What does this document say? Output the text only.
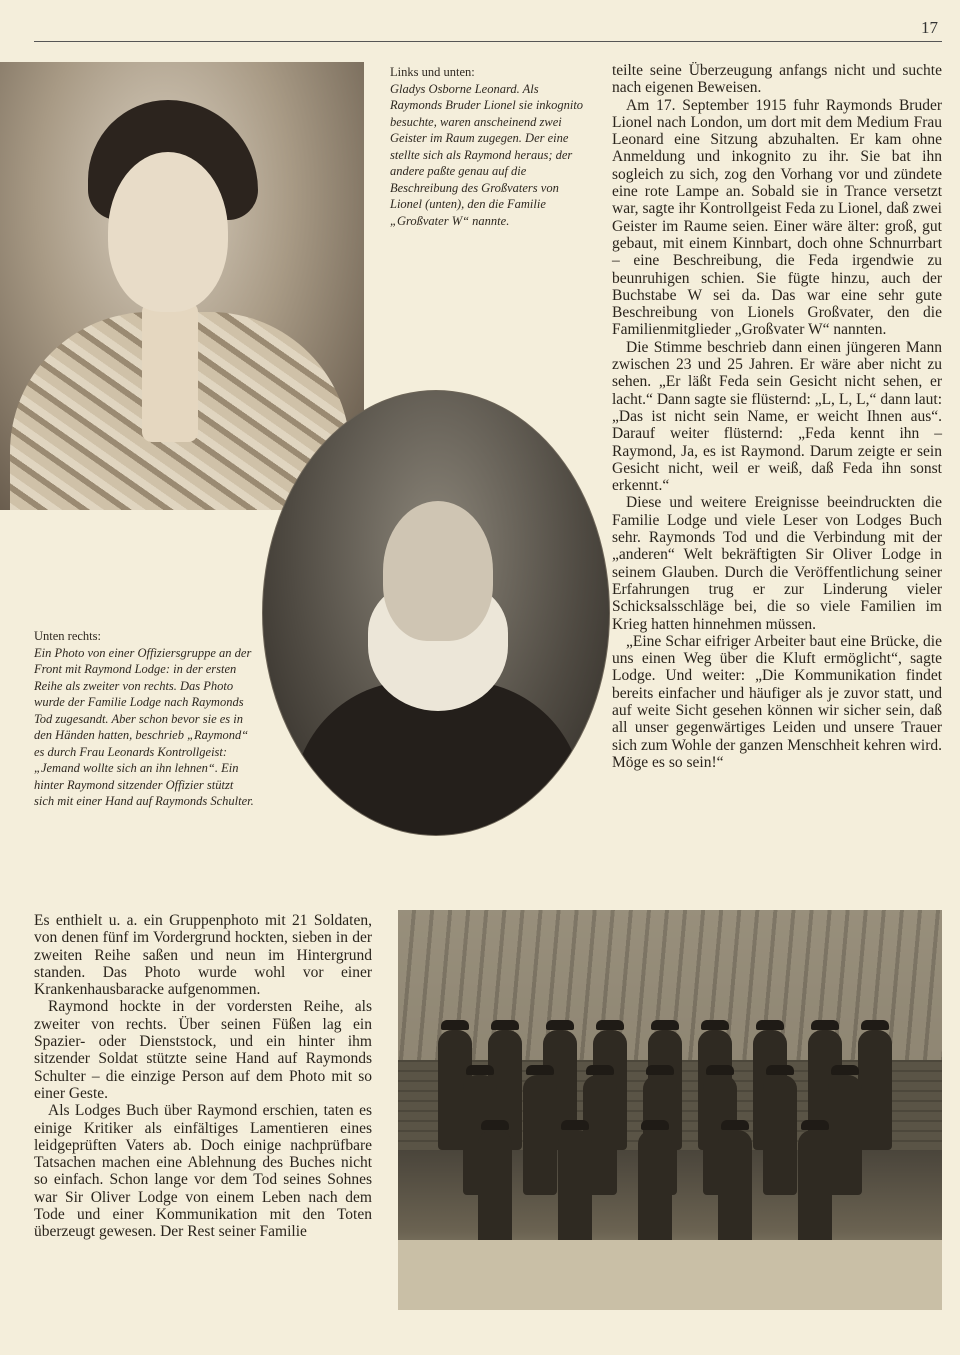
17
Links und unten:
Gladys Osborne Leonard. Als Raymonds Bruder Lionel sie inkognito besuchte, waren anscheinend zwei Geister im Raum zugegen. Der eine stellte sich als Raymond heraus; der andere paßte genau auf die Beschreibung des Großvaters von Lionel (unten), den die Familie „Großvater W“ nannte.
Unten rechts:
Ein Photo von einer Offiziersgruppe an der Front mit Raymond Lodge: in der ersten Reihe als zweiter von rechts. Das Photo wurde der Familie Lodge nach Raymonds Tod zugesandt. Aber schon bevor sie es in den Händen hatten, beschrieb „Raymond“ es durch Frau Leonards Kontrollgeist: „Jemand wollte sich an ihn lehnen“. Ein hinter Raymond sitzender Offizier stützt sich mit einer Hand auf Raymonds Schulter.

teilte seine Überzeugung anfangs nicht und suchte nach eigenen Beweisen.

Am 17. September 1915 fuhr Raymonds Bruder Lionel nach London, um dort mit dem Medium Frau Leonard eine Sitzung abzuhalten. Er kam ohne Anmeldung und inkognito zu ihr. Sie bat ihn sogleich zu sich, zog den Vorhang vor und zündete eine rote Lampe an. Sobald sie in Trance versetzt war, sagte ihr Kontrollgeist Feda zu Lionel, daß zwei Geister im Raume seien. Einer wäre älter: groß, gut gebaut, mit einem Kinnbart, doch ohne Schnurrbart – eine Beschreibung, die Feda irgendwie zu beunruhigen schien. Sie fügte hinzu, auch der Buchstabe W sei da. Das war eine sehr gute Beschreibung von Lionels Großvater, den die Familienmitglieder „Großvater W“ nannten.

Die Stimme beschrieb dann einen jüngeren Mann zwischen 23 und 25 Jahren. Er wäre aber nicht zu sehen. „Er läßt Feda sein Gesicht nicht sehen, er lacht.“ Dann sagte sie flüsternd: „L, L, L,“ dann laut: „Das ist nicht sein Name, er weicht Ihnen aus“. Darauf weiter flüsternd: „Feda kennt ihn – Raymond, Ja, es ist Raymond. Darum zeigte er sein Gesicht nicht, weil er weiß, daß Feda ihn sonst erkennt.“

Diese und weitere Ereignisse beeindruckten die Familie Lodge und viele Leser von Lodges Buch sehr. Raymonds Tod und die Verbindung mit der „anderen“ Welt bekräftigten Sir Oliver Lodge in seinem Glauben. Durch die Veröffentlichung seiner Erfahrungen trug er zur Linderung vieler Schicksalsschläge bei, die so viele Familien im Krieg hatten hinnehmen müssen.

„Eine Schar eifriger Arbeiter baut eine Brücke, die uns einen Weg über die Kluft ermöglicht“, sagte Lodge. Und weiter: „Die Kommunikation findet bereits einfacher und häufiger als je zuvor statt, und auf weite Sicht gesehen können wir sicher sein, daß all unser gegenwärtiges Leiden und unsere Trauer sich zum Wohle der ganzen Menschheit kehren wird. Möge es so sein!“

Es enthielt u. a. ein Gruppenphoto mit 21 Soldaten, von denen fünf im Vordergrund hockten, sieben in der zweiten Reihe saßen und neun im Hintergrund standen. Das Photo wurde wohl vor einer Krankenhausbaracke aufgenommen.

Raymond hockte in der vordersten Reihe, als zweiter von rechts. Über seinen Füßen lag ein Spazier- oder Dienststock, und ein hinter ihm sitzender Soldat stützte seine Hand auf Raymonds Schulter – die einzige Person auf dem Photo mit so einer Geste.

Als Lodges Buch über Raymond erschien, taten es einige Kritiker als einfältiges Lamentieren eines leidgeprüften Vaters ab. Doch einige nachprüfbare Tatsachen machen eine Ablehnung des Buches nicht so einfach. Schon lange vor dem Tod seines Sohnes war Sir Oliver Lodge von einem Leben nach dem Tode und einer Kommunikation mit den Toten überzeugt gewesen. Der Rest seiner Familie
